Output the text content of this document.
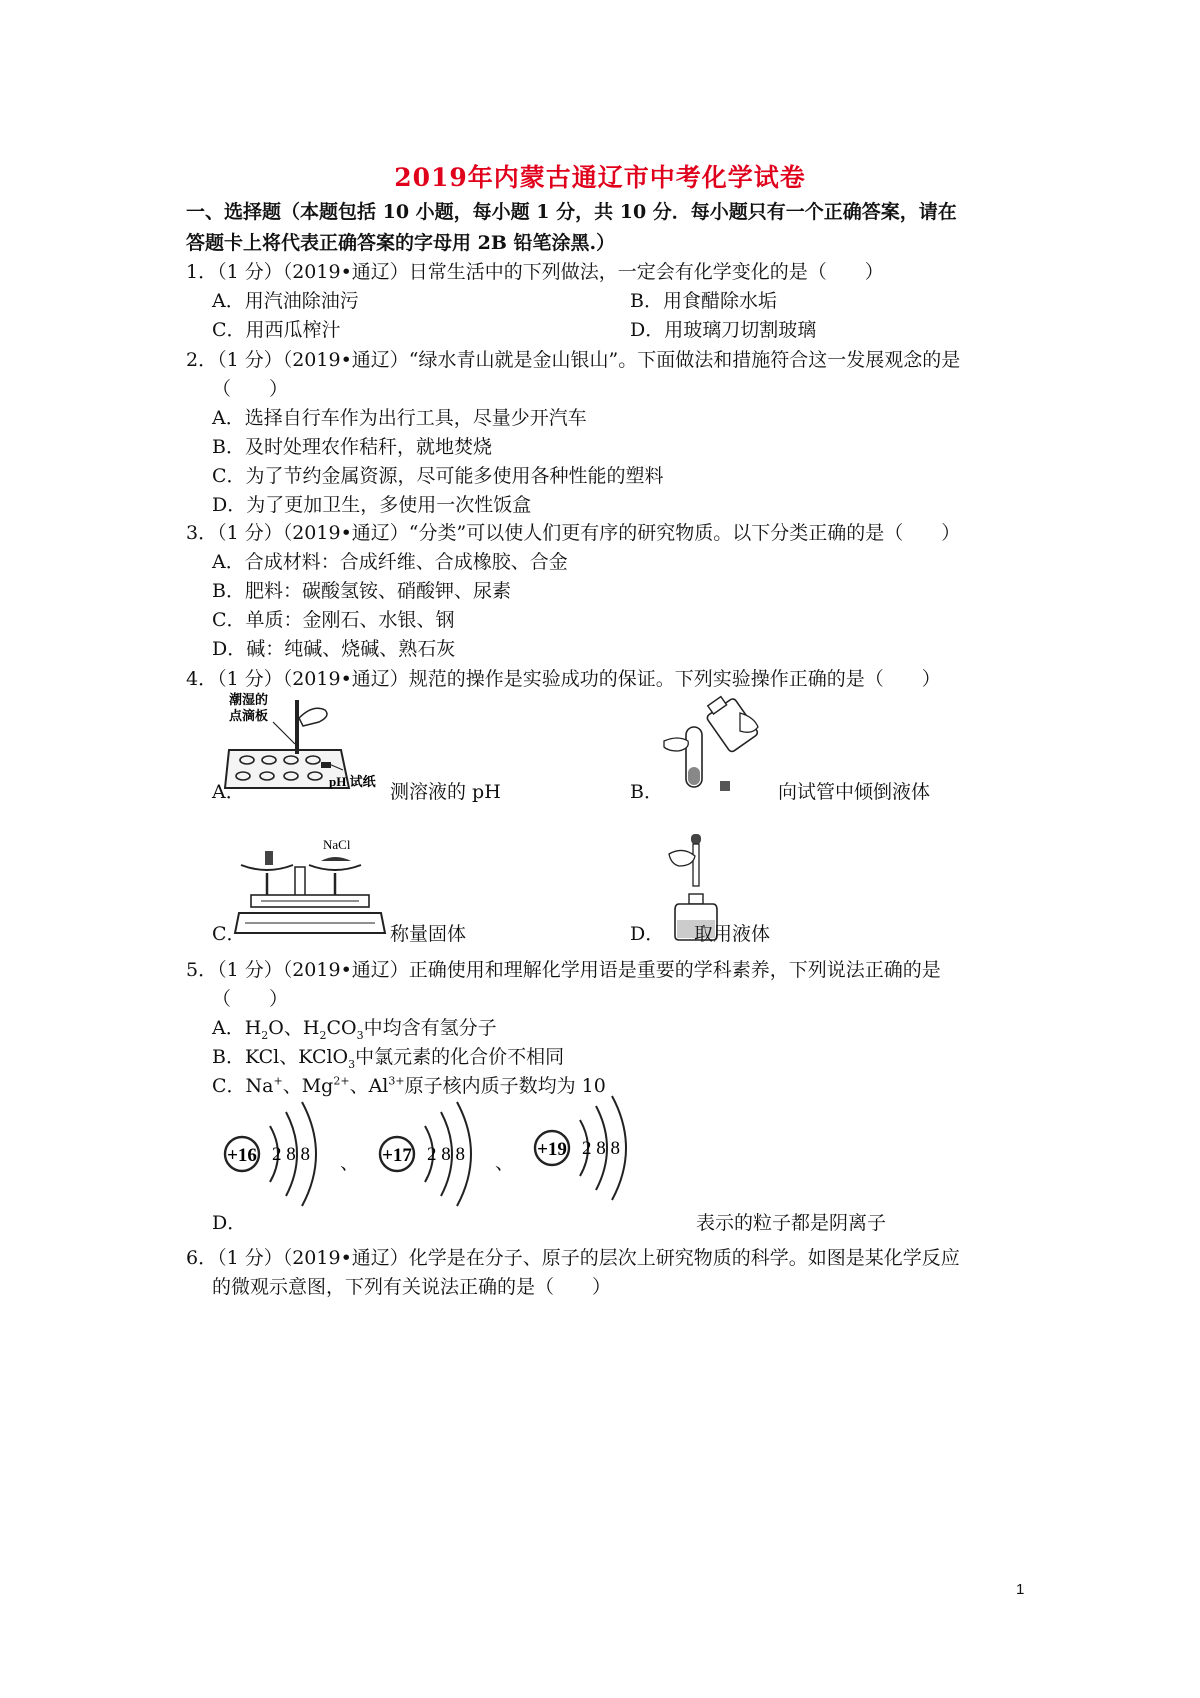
2019年内蒙古通辽市中考化学试卷
一、选择题（本题包括 10 小题，每小题 1 分，共 10 分．每小题只有一个正确答案，请在
答题卡上将代表正确答案的字母用 2B 铅笔涂黑.）
1．（1 分）（2019•通辽）日常生活中的下列做法，一定会有化学变化的是（　　）
A．用汽油除油污	B．用食醋除水垢
C．用西瓜榨汁	D．用玻璃刀切割玻璃
2．（1 分）（2019•通辽）“绿水青山就是金山银山”。下面做法和措施符合这一发展观念的是
（　　）
A．选择自行车作为出行工具，尽量少开汽车
B．及时处理农作秸秆，就地焚烧
C．为了节约金属资源，尽可能多使用各种性能的塑料
D．为了更加卫生，多使用一次性饭盒
3．（1 分）（2019•通辽）“分类”可以使人们更有序的研究物质。以下分类正确的是（　　）
A．合成材料：合成纤维、合成橡胶、合金
B．肥料：碳酸氢铵、硝酸钾、尿素
C．单质：金刚石、水银、钢
D．碱：纯碱、烧碱、熟石灰
4．（1 分）（2019•通辽）规范的操作是实验成功的保证。下列实验操作正确的是（　　）
潮湿的
点滴板
pH 试纸
A．	测溶液的 pH	B．	向试管中倾倒液体
NaCl
C．	称量固体	D． 取用液体
5．（1 分）（2019•通辽）正确使用和理解化学用语是重要的学科素养，下列说法正确的是
（　　）
A．$H_2O$、$H_2CO_3$中均含有氢分子
B．KCl、KClO$_3$中氯元素的化合价不相同
C．Na+、$Mg^{2+}$、$Al^{3+}$原子核内质子数均为 10
+16 2 8 8 、 +17 2 8 8 、
+19 2 8 8
D．	表示的粒子都是阴离子
6．（1 分）（2019•通辽）化学是在分子、原子的层次上研究物质的科学。如图是某化学反应
的微观示意图，下列有关说法正确的是（　　）
1
